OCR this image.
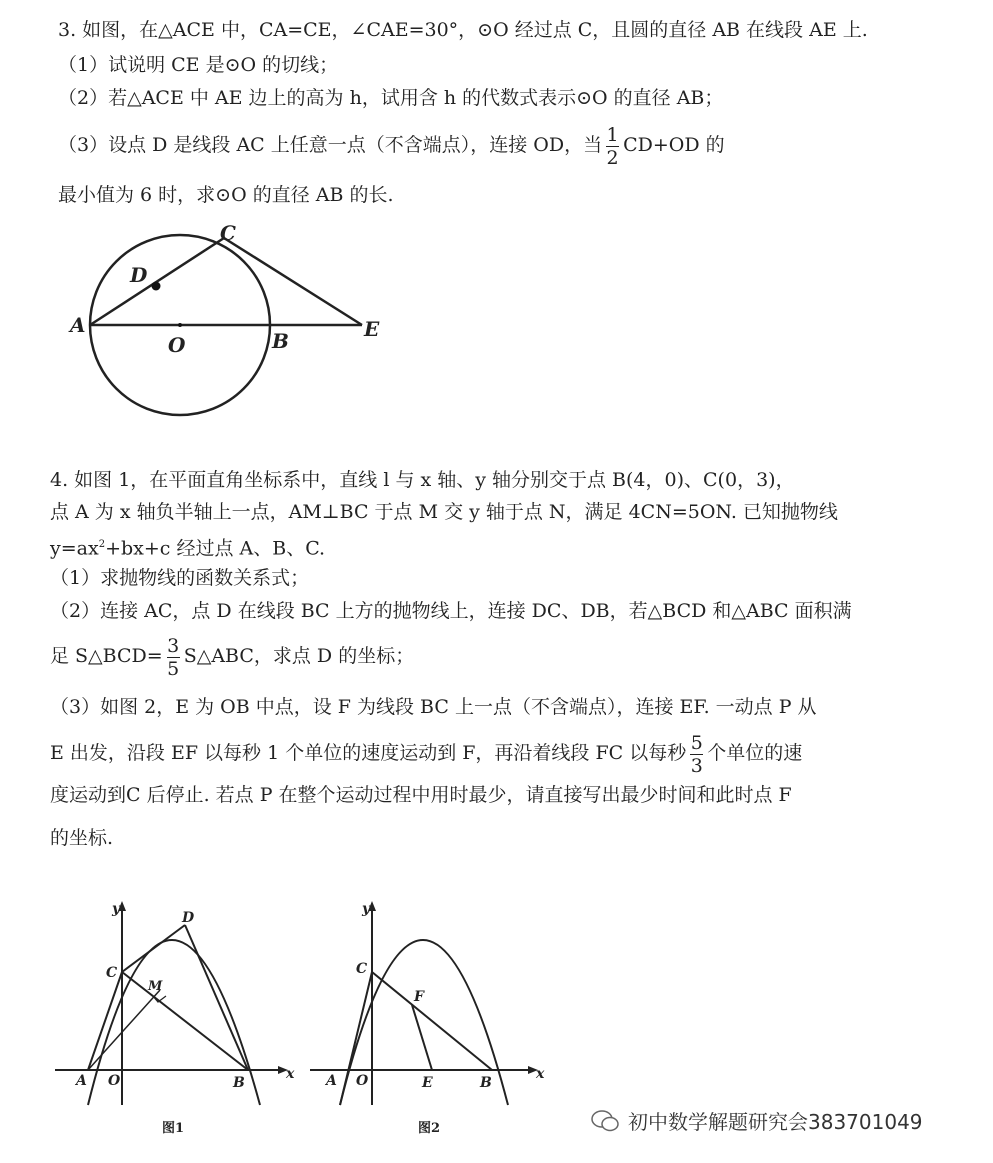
3. 如图，在△ACE 中，CA=CE，∠CAE=30°，⊙O 经过点 C，且圆的直径 AB 在线段 AE 上.
（1）试说明 CE 是⊙O 的切线；
（2）若△ACE 中 AE 边上的高为 h，试用含 h 的代数式表示⊙O 的直径 AB；
（3）设点 D 是线段 AC 上任意一点（不含端点），连接 OD，当 $\frac{1}{2} CD+OD$ 的
最小值为 6 时，求⊙O 的直径 AB 的长.
A
D
C
O	B	E
4. 如图 1，在平面直角坐标系中，直线 l 与 x 轴、y 轴分别交于点 B(4，0)、C(0，3)，
点 A 为 x 轴负半轴上一点，AM⊥BC 于点 M 交 y 轴于点 N，满足 4CN=5ON. 已知抛物线
$y=ax^2+bx+c$ 经过点 A、B、C.
（1）求抛物线的函数关系式；
（2）连接 AC，点 D 在线段 BC 上方的抛物线上，连接 DC、DB，若△BCD 和△ABC 面积满
足 S△BCD= $\frac{3}{5}$ S△ABC，求点 D 的坐标；
（3）如图 2，E 为 OB 中点，设 F 为线段 BC 上一点（不含端点），连接 EF. 一动点 P 从
E 出发，沿段 EF 以每秒 1 个单位的速度运动到 F，再沿着线段 FC 以每秒 $\frac{5}{3}$ 个单位的速
度运动到C 后停止. 若点 P 在整个运动过程中用时最少，请直接写出最少时间和此时点 F
的坐标.
y
x
A O	B
C
D
M
图1
y
x
A O	E	B
C
F
图2	初中数学解题研究会383701049
